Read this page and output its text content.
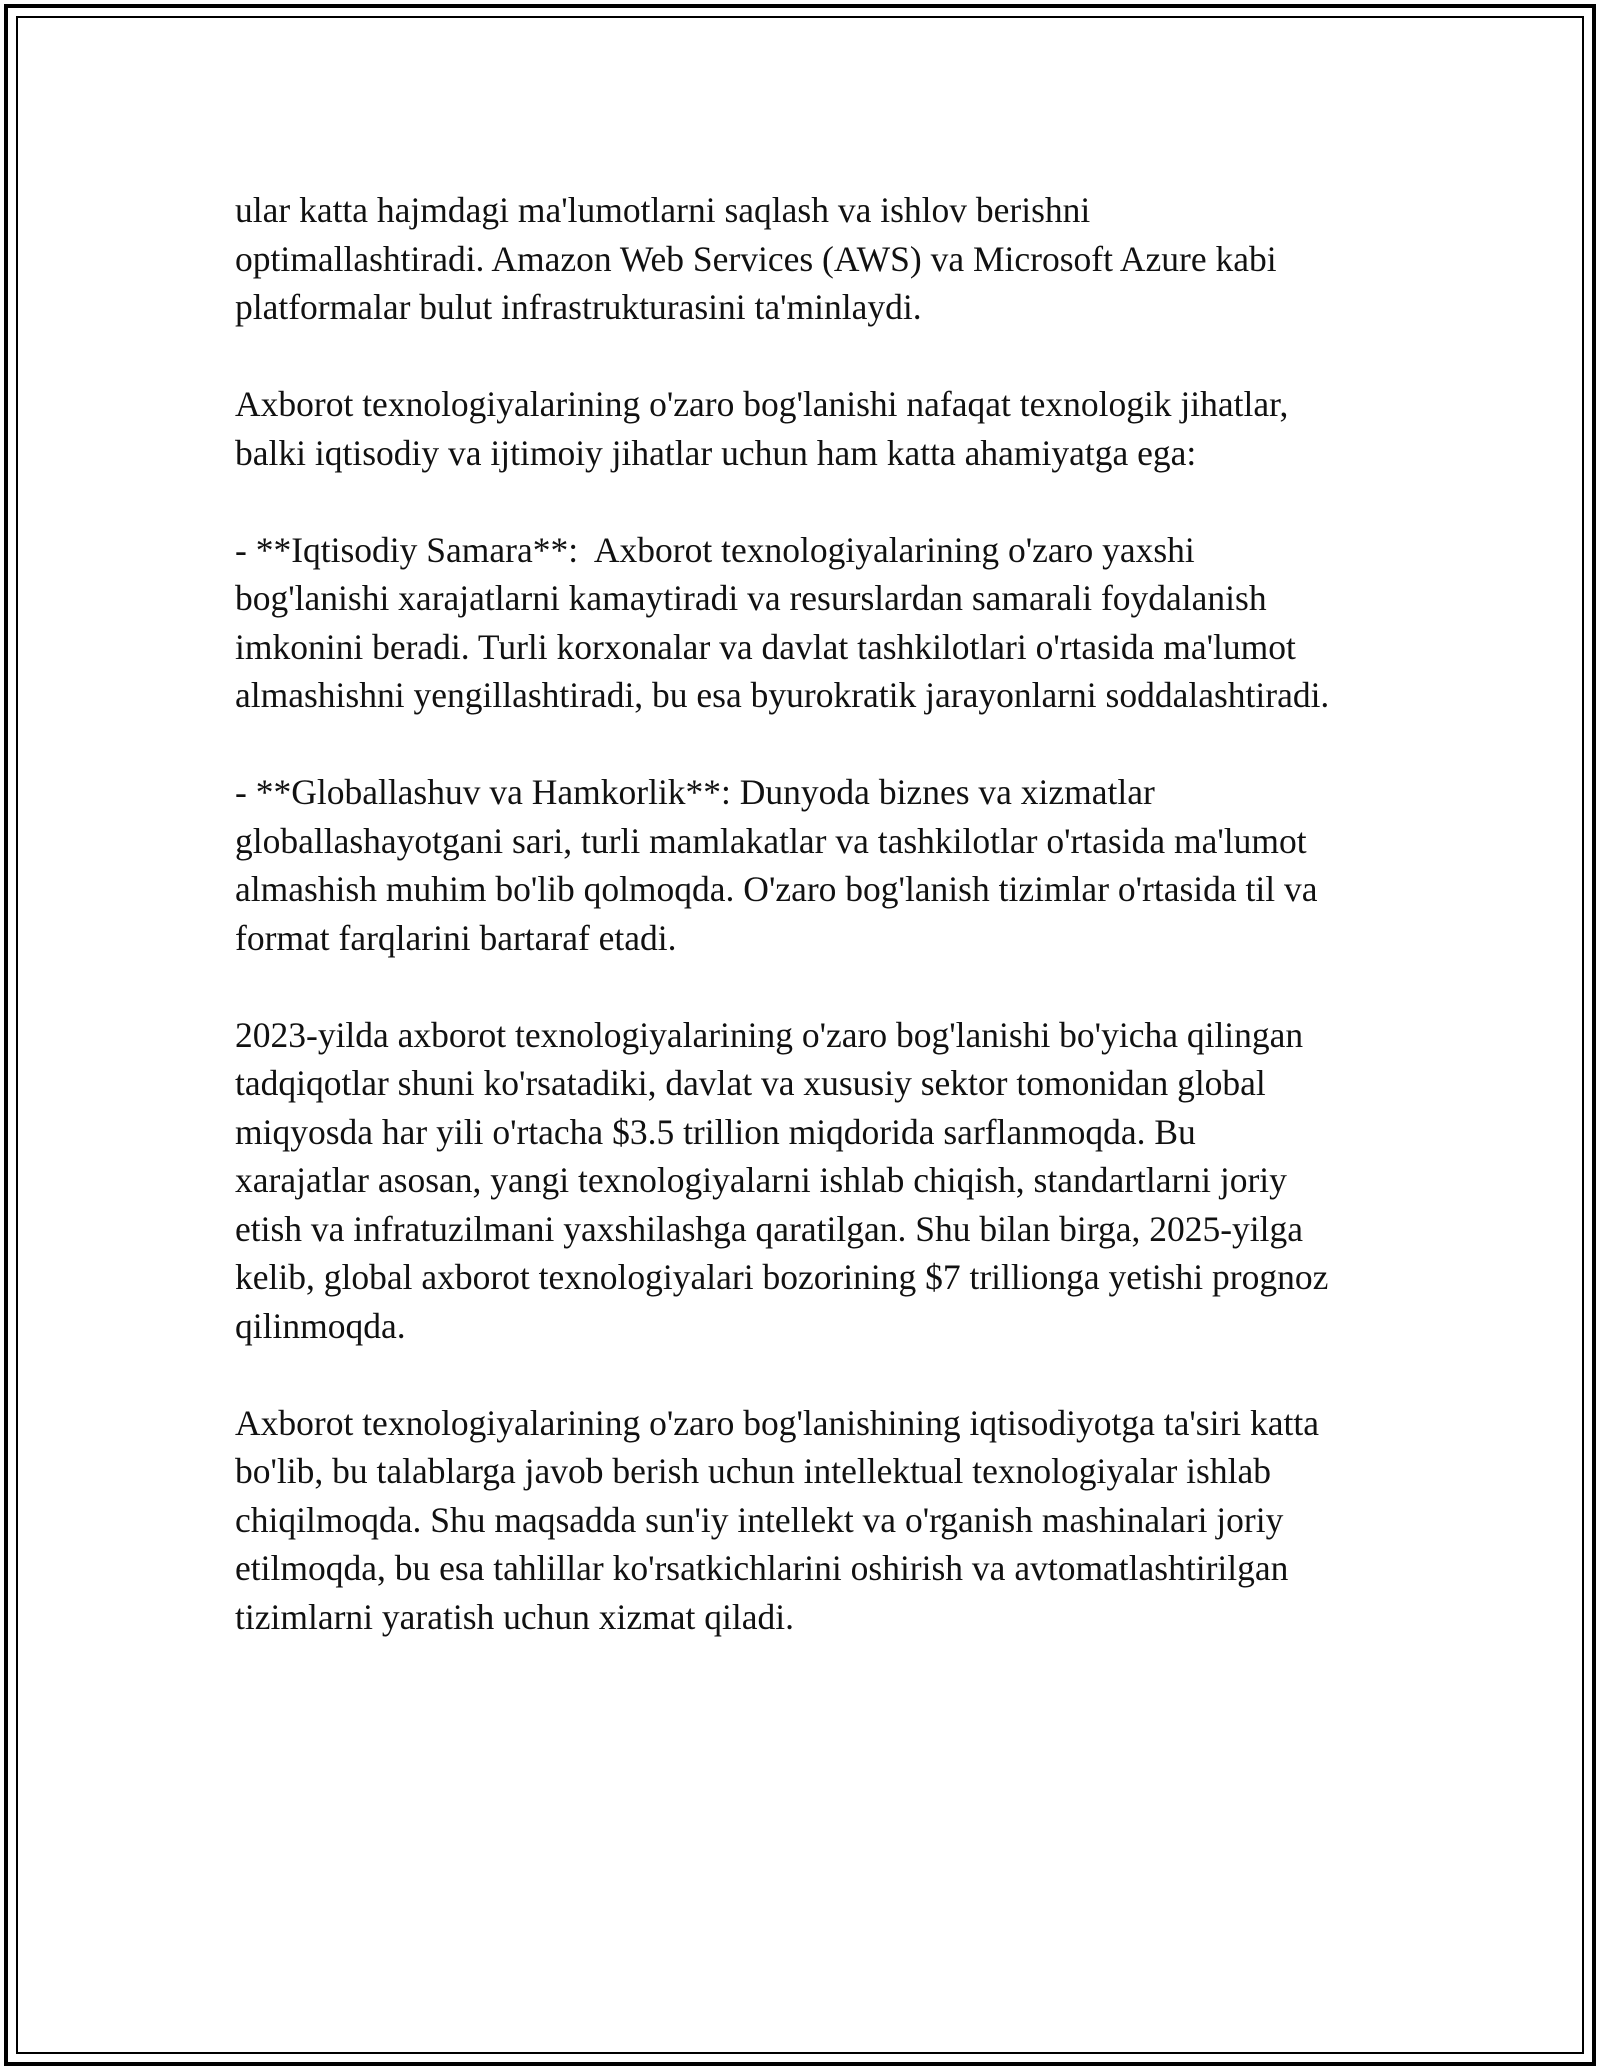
ular katta hajmdagi ma'lumotlarni saqlash va ishlov berishni
optimallashtiradi. Amazon Web Services (AWS) va Microsoft Azure kabi
platformalar bulut infrastrukturasini ta'minlaydi.

Axborot texnologiyalarining o'zaro bog'lanishi nafaqat texnologik jihatlar,
balki iqtisodiy va ijtimoiy jihatlar uchun ham katta ahamiyatga ega:

- **Iqtisodiy Samara**:  Axborot texnologiyalarining o'zaro yaxshi
bog'lanishi xarajatlarni kamaytiradi va resurslardan samarali foydalanish
imkonini beradi. Turli korxonalar va davlat tashkilotlari o'rtasida ma'lumot
almashishni yengillashtiradi, bu esa byurokratik jarayonlarni soddalashtiradi.

- **Globallashuv va Hamkorlik**: Dunyoda biznes va xizmatlar
globallashayotgani sari, turli mamlakatlar va tashkilotlar o'rtasida ma'lumot
almashish muhim bo'lib qolmoqda. O'zaro bog'lanish tizimlar o'rtasida til va
format farqlarini bartaraf etadi.

2023-yilda axborot texnologiyalarining o'zaro bog'lanishi bo'yicha qilingan
tadqiqotlar shuni ko'rsatadiki, davlat va xususiy sektor tomonidan global
miqyosda har yili o'rtacha $3.5 trillion miqdorida sarflanmoqda. Bu
xarajatlar asosan, yangi texnologiyalarni ishlab chiqish, standartlarni joriy
etish va infratuzilmani yaxshilashga qaratilgan. Shu bilan birga, 2025-yilga
kelib, global axborot texnologiyalari bozorining $7 trillionga yetishi prognoz
qilinmoqda.

Axborot texnologiyalarining o'zaro bog'lanishining iqtisodiyotga ta'siri katta
bo'lib, bu talablarga javob berish uchun intellektual texnologiyalar ishlab
chiqilmoqda. Shu maqsadda sun'iy intellekt va o'rganish mashinalari joriy
etilmoqda, bu esa tahlillar ko'rsatkichlarini oshirish va avtomatlashtirilgan
tizimlarni yaratish uchun xizmat qiladi.
